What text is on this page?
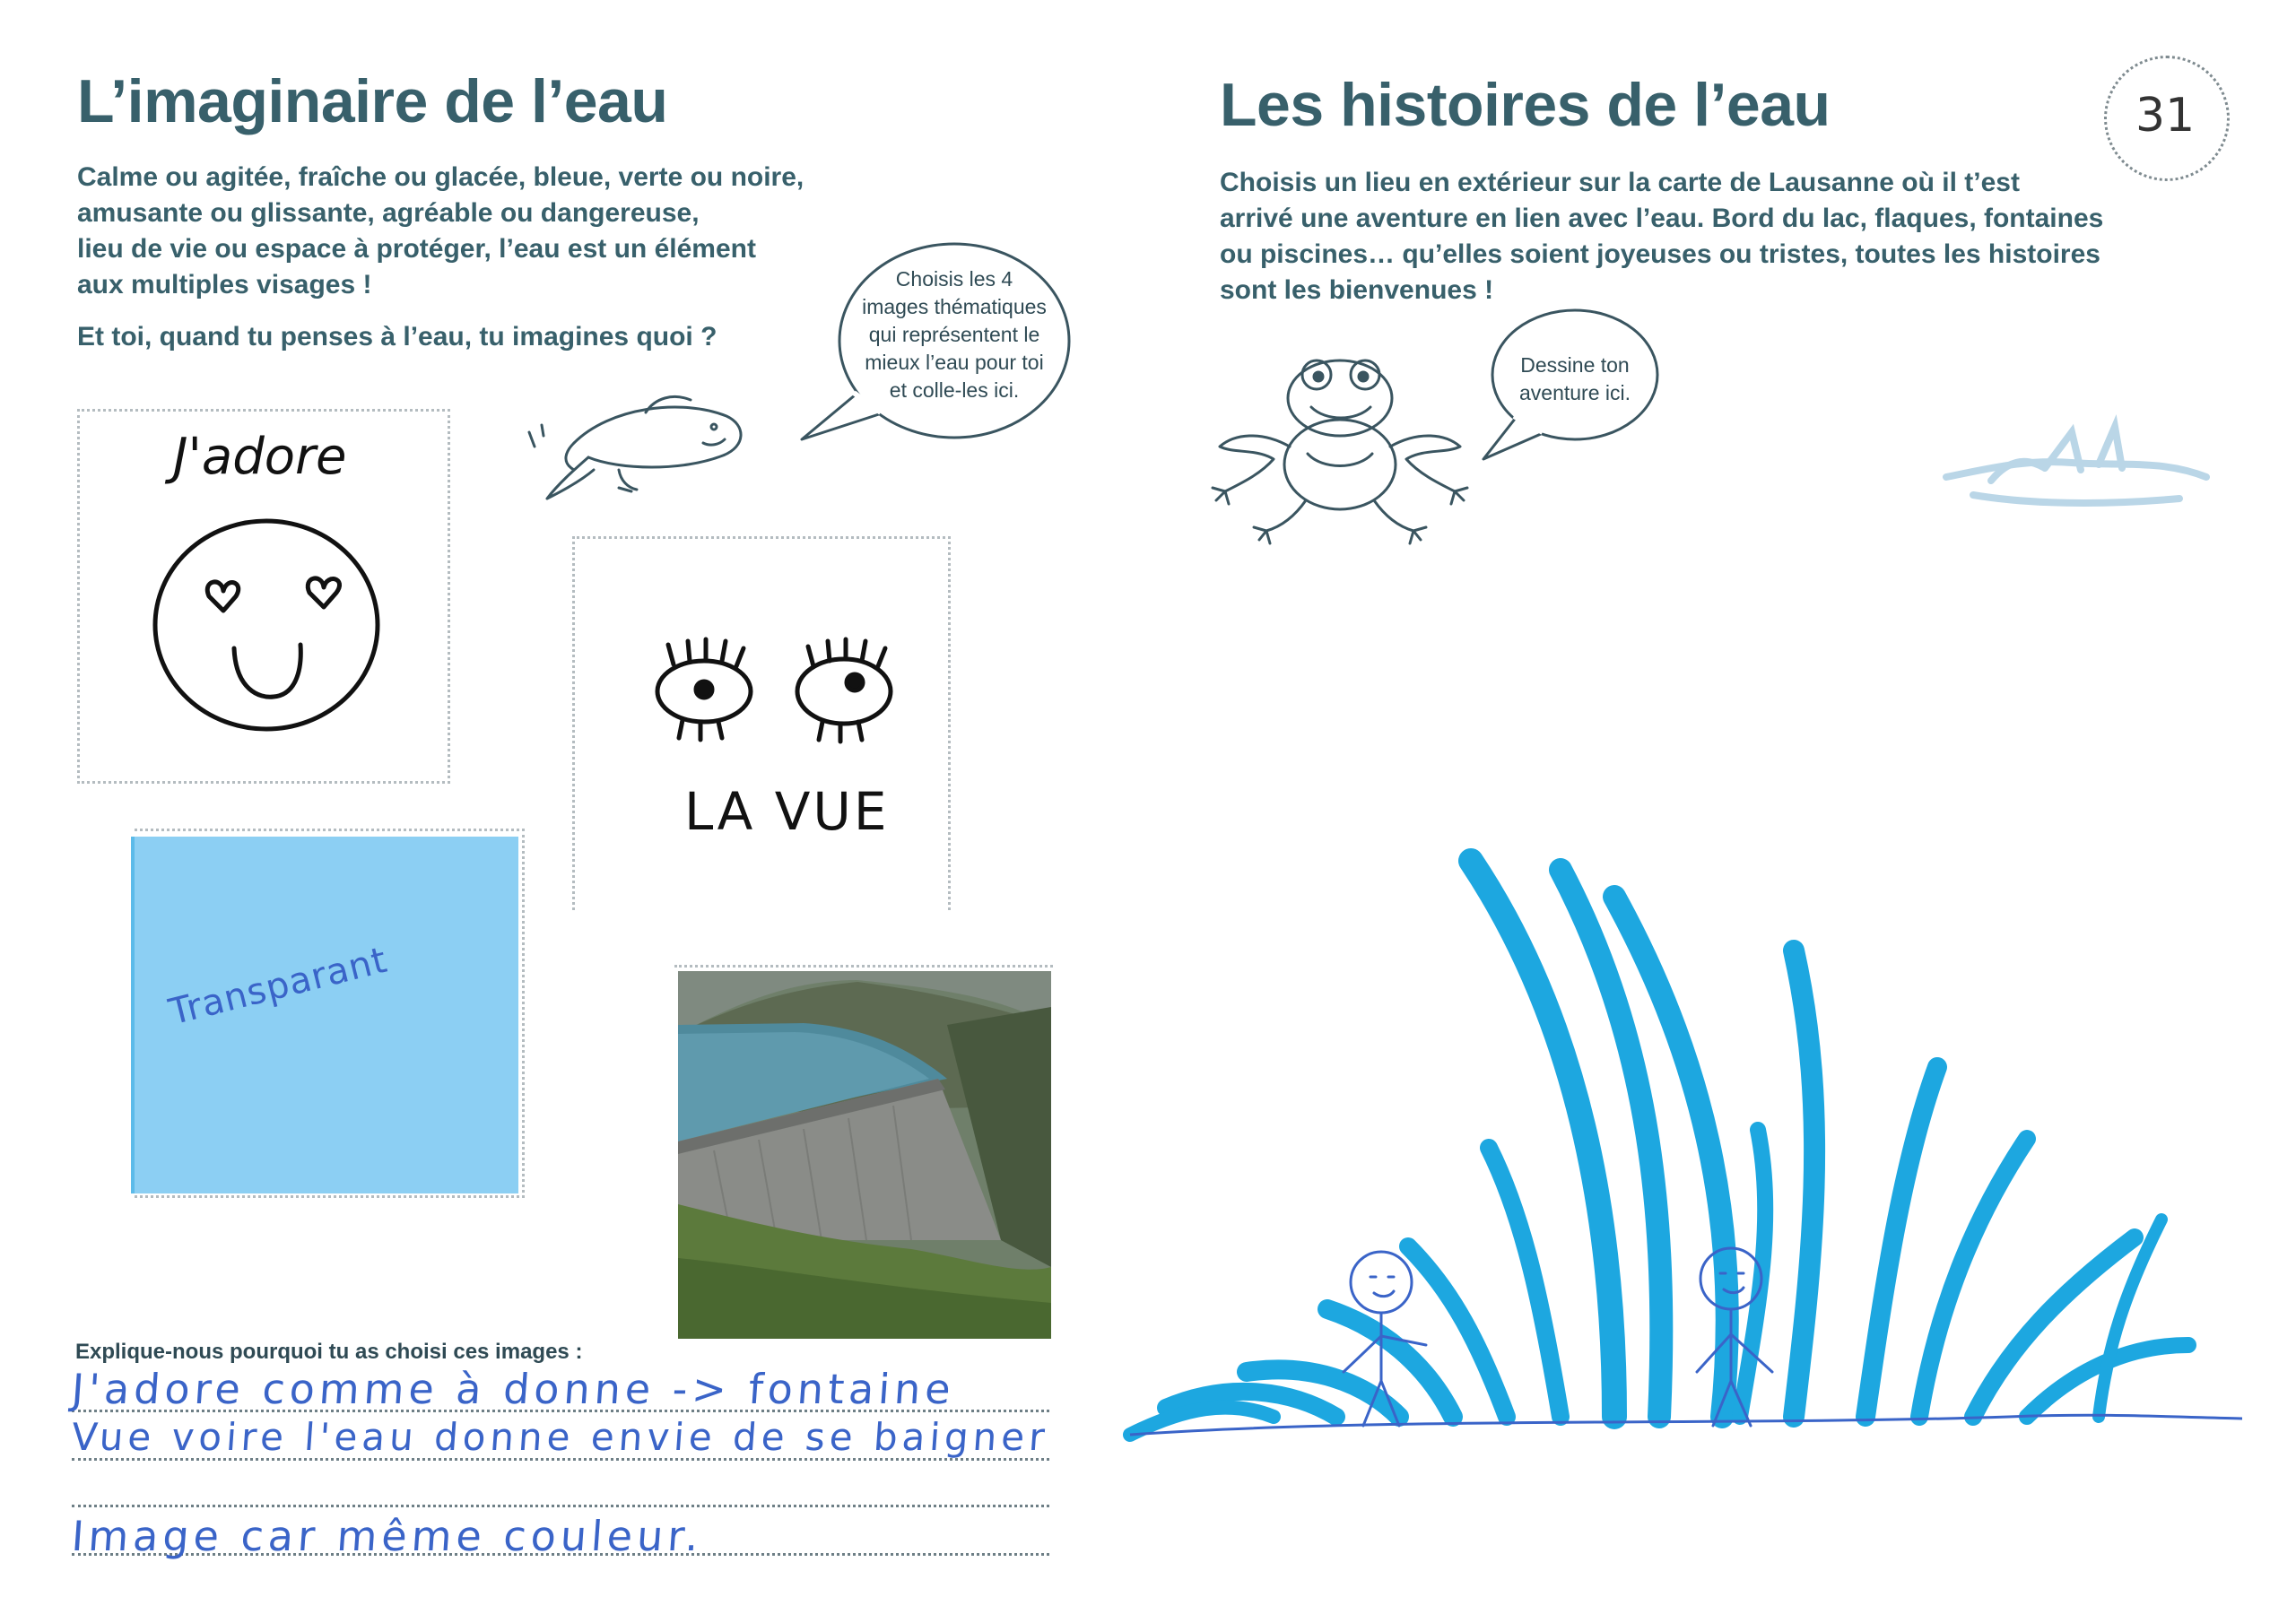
L’imaginaire de l’eau
Calme ou agitée, fraîche ou glacée, bleue, verte ou noire,
amusante ou glissante, agréable ou dangereuse,
lieu de vie ou espace à protéger, l’eau est un élément
aux multiples visages !
Et toi, quand tu penses à l’eau, tu imagines quoi ?
Choisis les 4
images thématiques
qui représentent le
mieux l’eau pour toi
et colle-les ici.
J'adore
LA VUE
Transparant
Explique-nous pourquoi tu as choisi ces images :
J'adore comme à donne -> fontaine
Vue voire l'eau donne envie de se baigner
Image car même couleur.
Les histoires de l’eau	31
Choisis un lieu en extérieur sur la carte de Lausanne où il t’est
arrivé une aventure en lien avec l’eau. Bord du lac, flaques, fontaines
ou piscines… qu’elles soient joyeuses ou tristes, toutes les histoires
sont les bienvenues !
Dessine ton
aventure ici.
